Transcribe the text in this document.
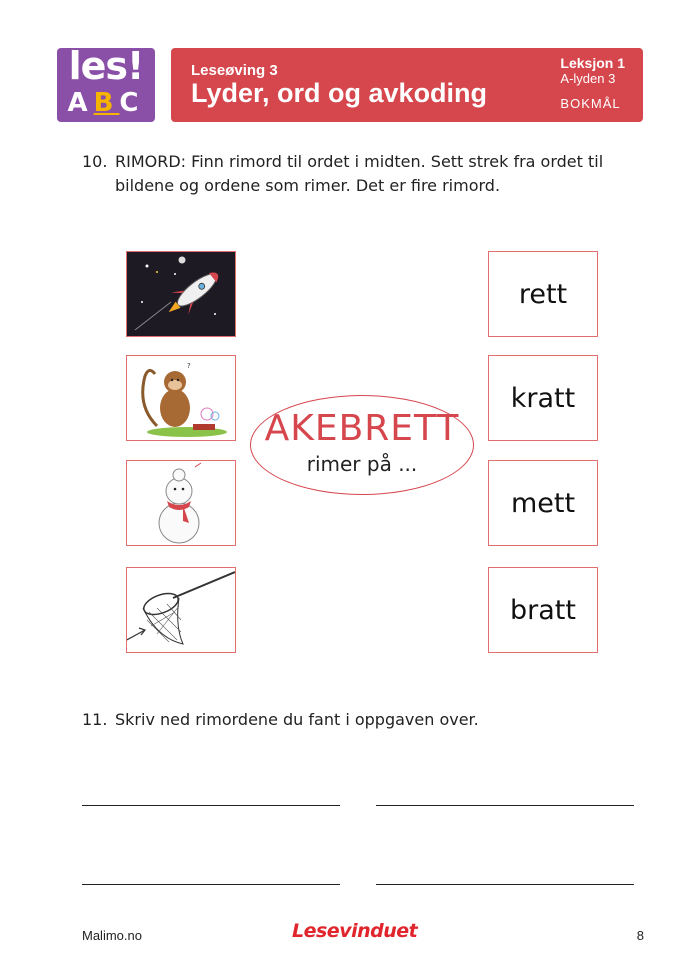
les!
ABC
Leseøving 3
Lyder, ord og avkoding
Leksjon 1
A-lyden 3
BOKMÅL
10. RIMORD: Finn rimord til ordet i midten. Sett strek fra ordet til
bildene og ordene som rimer. Det er fire rimord.
?
AKEBRETT
rimer på ...
rett
kratt
mett
bratt
11. Skriv ned rimordene du fant i oppgaven over.
Malimo.no	Lesevinduet	8
